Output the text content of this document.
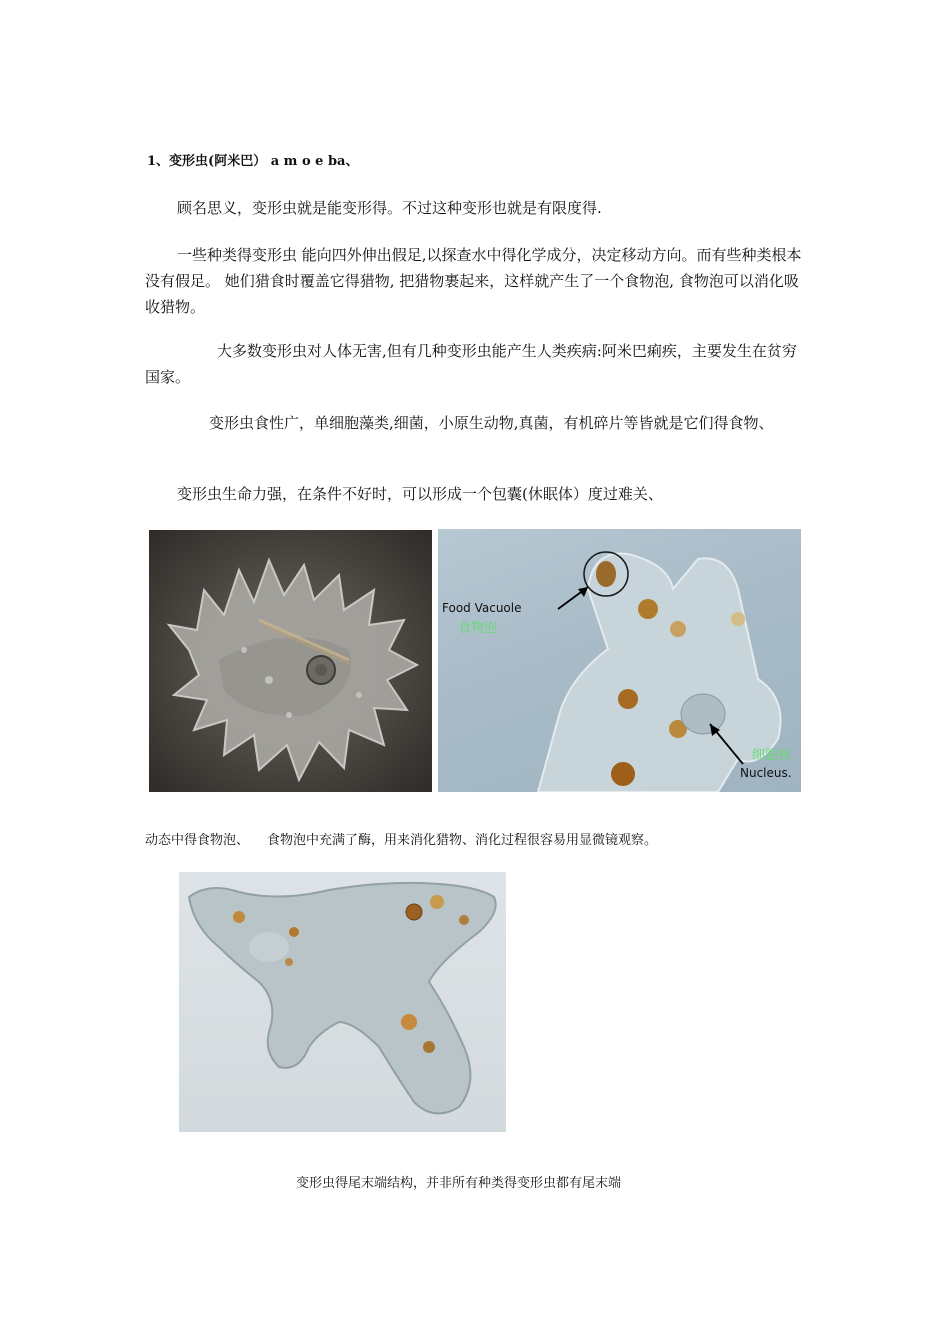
1、变形虫(阿米巴） a m o e ba、

顾名思义，变形虫就是能变形得。不过这种变形也就是有限度得.

一些种类得变形虫 能向四外伸出假足,以探查水中得化学成分，决定移动方向。而有些种类根本没有假足。 她们猎食时覆盖它得猎物, 把猎物裹起来，这样就产生了一个食物泡, 食物泡可以消化吸收猎物。

大多数变形虫对人体无害,但有几种变形虫能产生人类疾病:阿米巴痢疾，主要发生在贫穷国家。

变形虫食性广，单细胞藻类,细菌，小原生动物,真菌，有机碎片等皆就是它们得食物、

变形虫生命力强，在条件不好时，可以形成一个包囊(休眠体）度过难关、

Food Vacuole
食物泡
细胞核
Nucleus.
动态中得食物泡、 食物泡中充满了酶，用来消化猎物、消化过程很容易用显微镜观察。
变形虫得尾末端结构，并非所有种类得变形虫都有尾末端
